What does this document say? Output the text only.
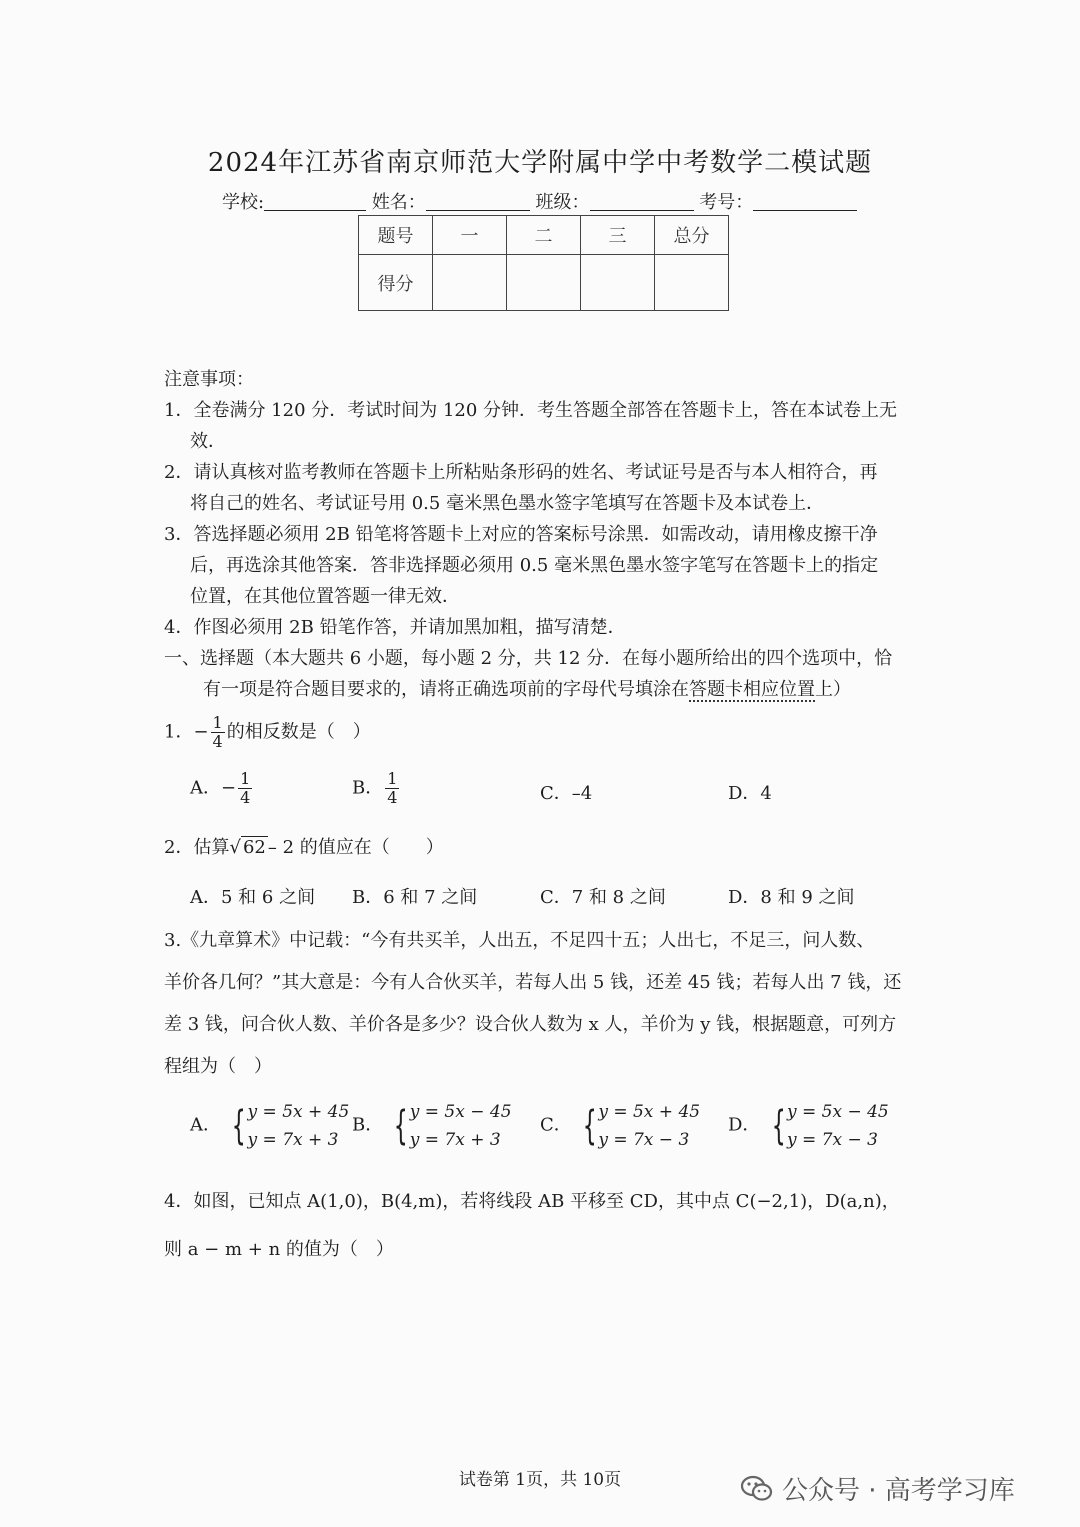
2024年江苏省南京师范大学附属中学中考数学二模试题
学校:	姓名：	班级：	考号：
题号	一	二	三	总分
得分				
注意事项：
1．全卷满分 120 分．考试时间为 120 分钟．考生答题全部答在答题卡上，答在本试卷上无
效．
2．请认真核对监考教师在答题卡上所粘贴条形码的姓名、考试证号是否与本人相符合，再
将自己的姓名、考试证号用 0.5 毫米黑色墨水签字笔填写在答题卡及本试卷上．
3．答选择题必须用 2B 铅笔将答题卡上对应的答案标号涂黑．如需改动，请用橡皮擦干净
后，再选涂其他答案．答非选择题必须用 0.5 毫米黑色墨水签字笔写在答题卡上的指定
位置，在其他位置答题一律无效．
4．作图必须用 2B 铅笔作答，并请加黑加粗，描写清楚．
一、选择题（本大题共 6 小题，每小题 2 分，共 12 分．在每小题所给出的四个选项中，恰
有一项是符合题目要求的，请将正确选项前的字母代号填涂在答题卡相应位置上）
1．− $\frac{1}{4}$ 的相反数是（　）
A．− $\frac{1}{4}$	B． $\frac{1}{4}$	C．–4	D．4
2．估算√ 62 – 2 的值应在（　　）
A．5 和 6 之间 B．6 和 7 之间	C．7 和 8 之间	D．8 和 9 之间
3.《九章算术》中记载：“今有共买羊，人出五，不足四十五；人出七，不足三，问人数、
羊价各几何？”其大意是：今有人合伙买羊，若每人出 5 钱，还差 45 钱；若每人出 7 钱，还
差 3 钱，问合伙人数、羊价各是多少？设合伙人数为 x 人，羊价为 y 钱，根据题意，可列方
程组为（　）
A． { y = 5x + 45
y = 7x + 3
B． { y = 5x − 45
y = 7x + 3
C． { y = 5x + 45
y = 7x − 3
D． { y = 5x − 45
y = 7x − 3
4．如图，已知点 A(1,0)，B(4,m)，若将线段 AB 平移至 CD，其中点 C(−2,1)，D(a,n)，
则 a − m + n 的值为（　）
试卷第 1页，共 10页	公众号 · 高考学习库
